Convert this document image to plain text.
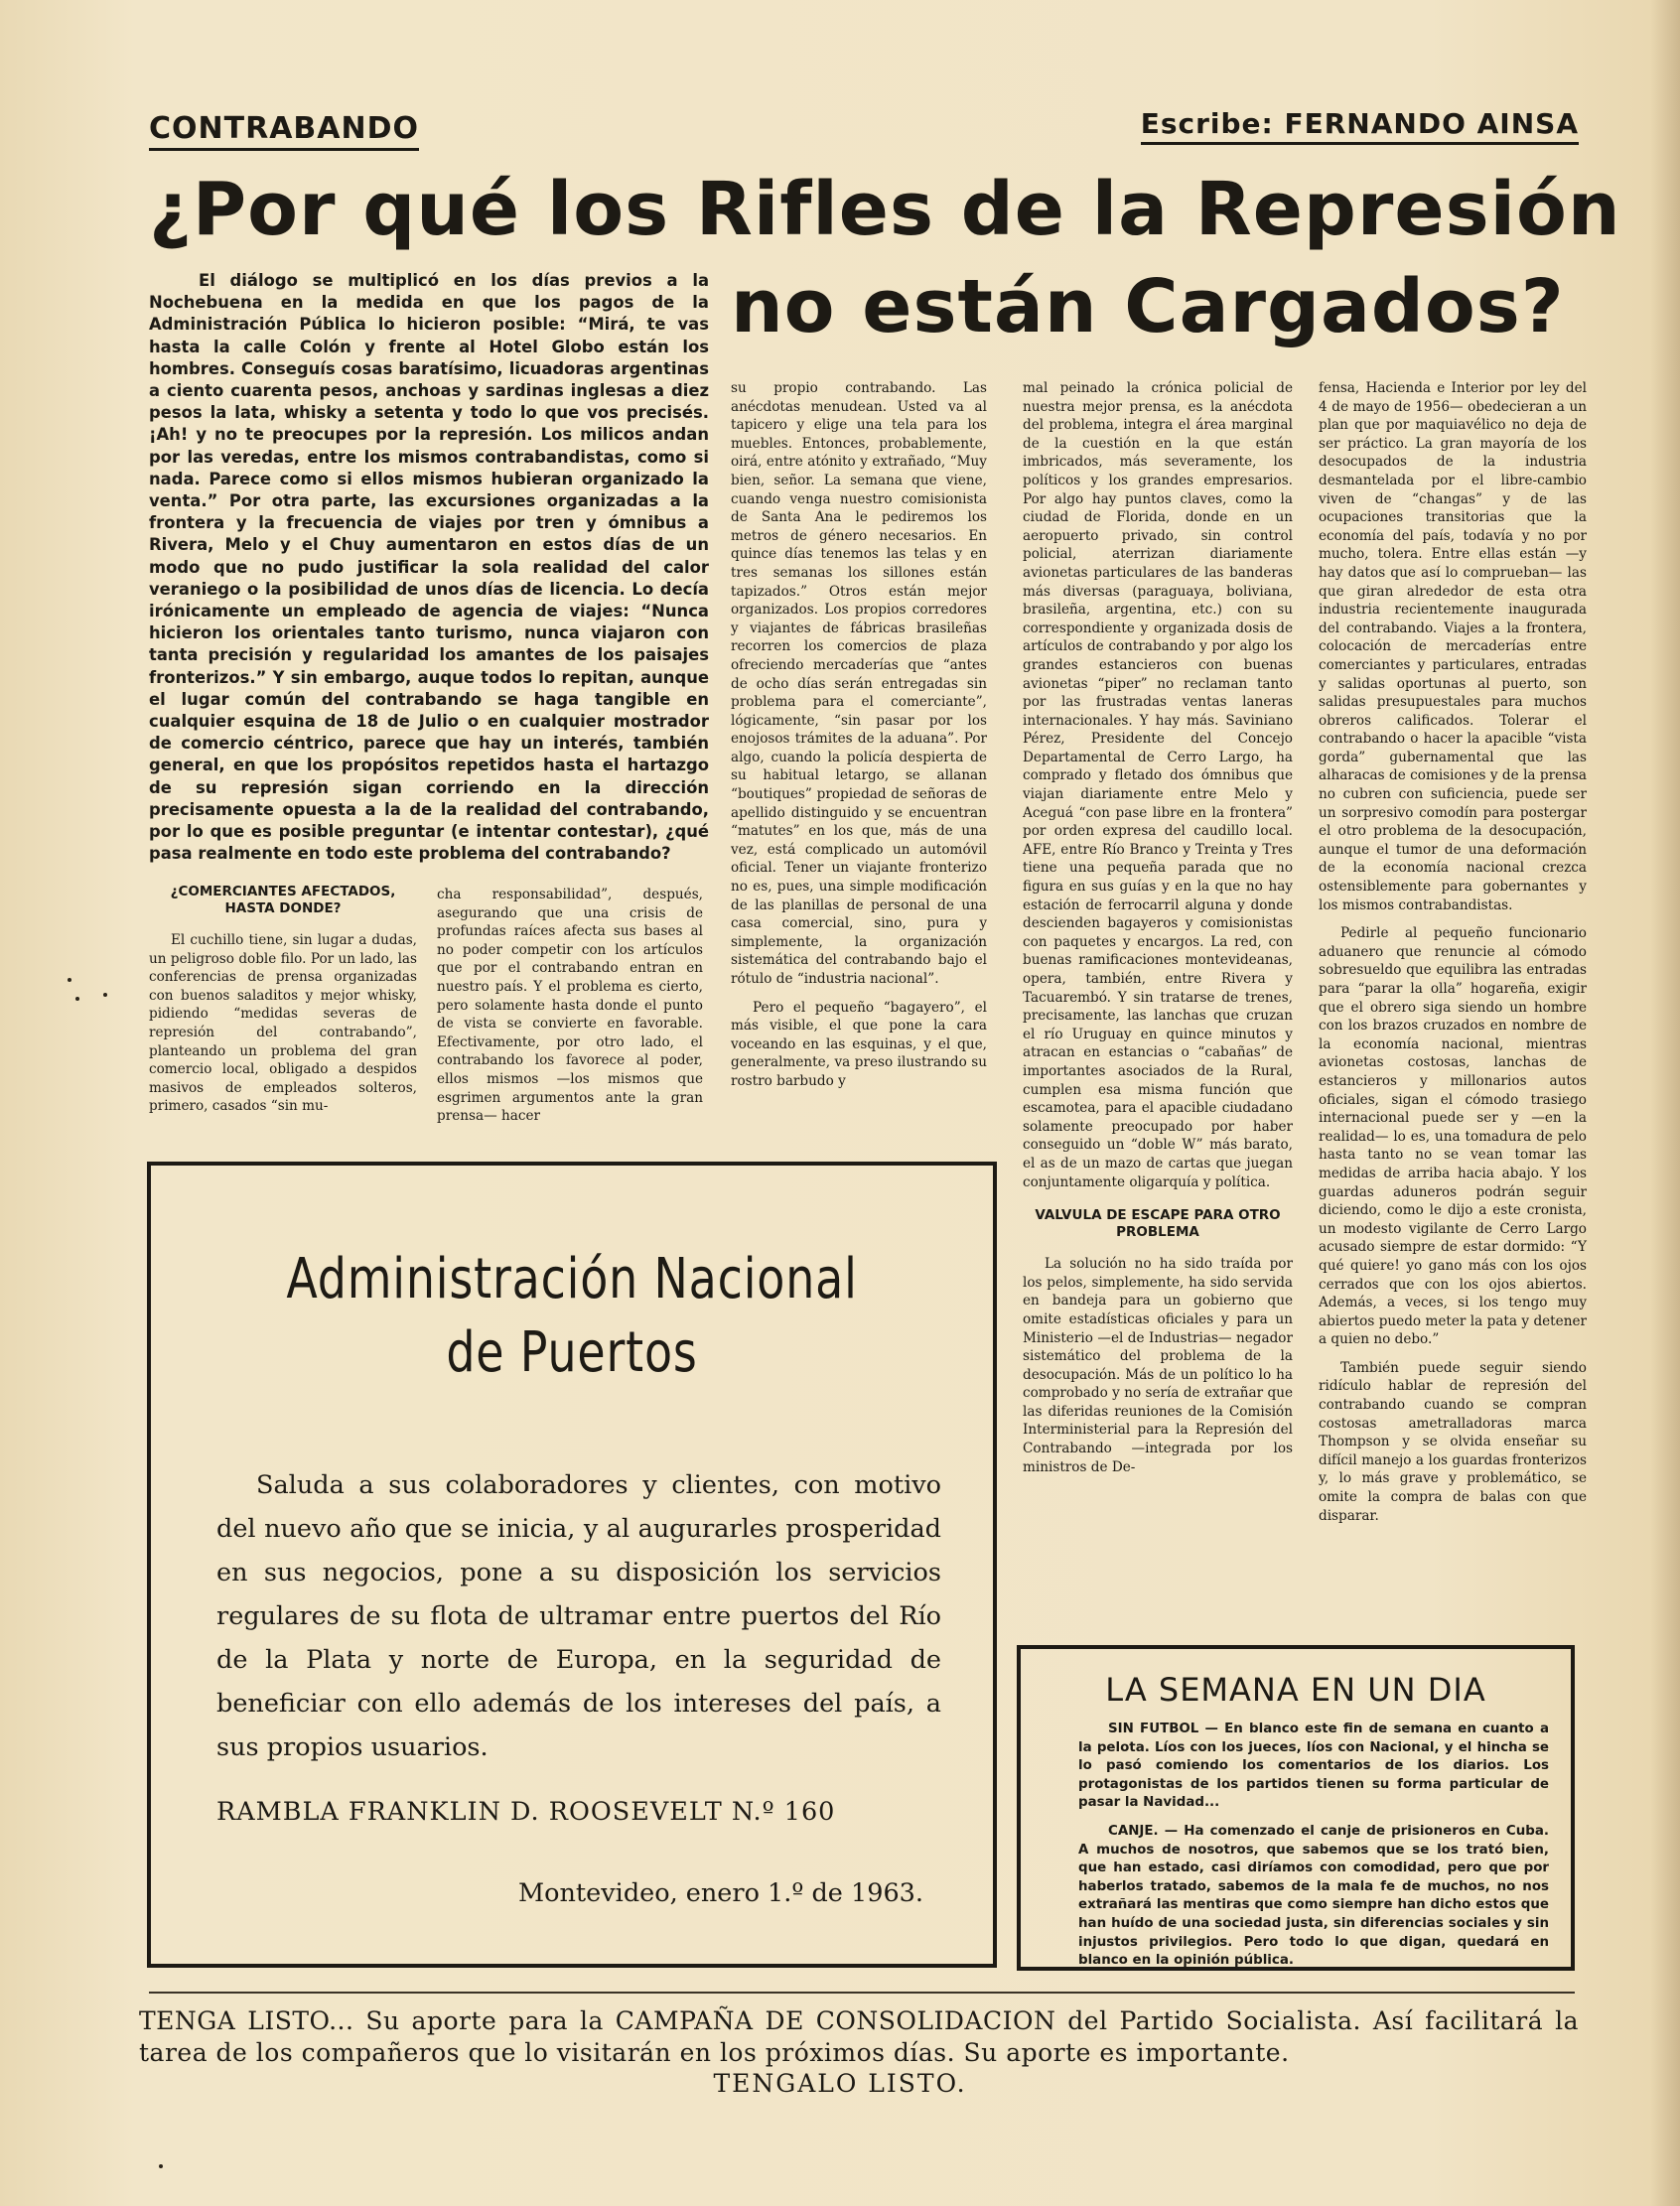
CONTRABANDO	Escribe: FERNANDO AINSA
¿Por qué los Rifles de la Represión
no están Cargados?
El diálogo se multiplicó en los días previos a la Nochebuena en la medida en que los pagos de la Administración Pública lo hicieron posible: “Mirá, te vas hasta la calle Colón y frente al Hotel Globo están los hombres. Conseguís cosas baratísimo, licuadoras argentinas a ciento cuarenta pesos, anchoas y sardinas inglesas a diez pesos la lata, whisky a setenta y todo lo que vos precisés. ¡Ah! y no te preocupes por la represión. Los milicos andan por las veredas, entre los mismos contrabandistas, como si nada. Parece como si ellos mismos hubieran organizado la venta.” Por otra parte, las excursiones organizadas a la frontera y la frecuencia de viajes por tren y ómnibus a Rivera, Melo y el Chuy aumentaron en estos días de un modo que no pudo justificar la sola realidad del calor veraniego o la posibilidad de unos días de licencia. Lo decía irónicamente un empleado de agencia de viajes: “Nunca hicieron los orientales tanto turismo, nunca viajaron con tanta precisión y regularidad los amantes de los paisajes fronterizos.” Y sin embargo, auque todos lo repitan, aunque el lugar común del contrabando se haga tangible en cualquier esquina de 18 de Julio o en cualquier mostrador de comercio céntrico, parece que hay un interés, también general, en que los propósitos repetidos hasta el hartazgo de su represión sigan corriendo en la dirección precisamente opuesta a la de la realidad del contrabando, por lo que es posible preguntar (e intentar contestar), ¿qué pasa realmente en todo este problema del contrabando?
¿COMERCIANTES AFECTADOS, HASTA DONDE?

El cuchillo tiene, sin lugar a dudas, un peligroso doble filo. Por un lado, las conferencias de prensa organizadas con buenos saladitos y mejor whisky, pidiendo “medidas severas de represión del contrabando”, planteando un problema del gran comercio local, obligado a despidos masivos de empleados solteros, primero, casados “sin mu-

cha responsabilidad”, después, asegurando que una crisis de profundas raíces afecta sus bases al no poder competir con los artículos que por el contrabando entran en nuestro país. Y el problema es cierto, pero solamente hasta donde el punto de vista se convierte en favorable. Efectivamente, por otro lado, el contrabando los favorece al poder, ellos mismos —los mismos que esgrimen argumentos ante la gran prensa— hacer

su propio contrabando. Las anécdotas menudean. Usted va al tapicero y elige una tela para los muebles. Entonces, probablemente, oirá, entre atónito y extrañado, “Muy bien, señor. La semana que viene, cuando venga nuestro comisionista de Santa Ana le pediremos los metros de género necesarios. En quince días tenemos las telas y en tres semanas los sillones están tapizados.” Otros están mejor organizados. Los propios corredores y viajantes de fábricas brasileñas recorren los comercios de plaza ofreciendo mercaderías que “antes de ocho días serán entregadas sin problema para el comerciante”, lógicamente, “sin pasar por los enojosos trámites de la aduana”. Por algo, cuando la policía despierta de su habitual letargo, se allanan “boutiques” propiedad de señoras de apellido distinguido y se encuentran “matutes” en los que, más de una vez, está complicado un automóvil oficial. Tener un viajante fronterizo no es, pues, una simple modificación de las planillas de personal de una casa comercial, sino, pura y simplemente, la organización sistemática del contrabando bajo el rótulo de “industria nacional”.

Pero el pequeño “bagayero”, el más visible, el que pone la cara voceando en las esquinas, y el que, generalmente, va preso ilustrando su rostro barbudo y

mal peinado la crónica policial de nuestra mejor prensa, es la anécdota del problema, integra el área marginal de la cuestión en la que están imbricados, más severamente, los políticos y los grandes empresarios. Por algo hay puntos claves, como la ciudad de Florida, donde en un aeropuerto privado, sin control policial, aterrizan diariamente avionetas particulares de las banderas más diversas (paraguaya, boliviana, brasileña, argentina, etc.) con su correspondiente y organizada dosis de artículos de contrabando y por algo los grandes estancieros con buenas avionetas “piper” no reclaman tanto por las frustradas ventas laneras internacionales. Y hay más. Saviniano Pérez, Presidente del Concejo Departamental de Cerro Largo, ha comprado y fletado dos ómnibus que viajan diariamente entre Melo y Aceguá “con pase libre en la frontera” por orden expresa del caudillo local. AFE, entre Río Branco y Treinta y Tres tiene una pequeña parada que no figura en sus guías y en la que no hay estación de ferrocarril alguna y donde descienden bagayeros y comisionistas con paquetes y encargos. La red, con buenas ramificaciones montevideanas, opera, también, entre Rivera y Tacuarembó. Y sin tratarse de trenes, precisamente, las lanchas que cruzan el río Uruguay en quince minutos y atracan en estancias o “cabañas” de importantes asociados de la Rural, cumplen esa misma función que escamotea, para el apacible ciudadano solamente preocupado por haber conseguido un “doble W” más barato, el as de un mazo de cartas que juegan conjuntamente oligarquía y política.

VALVULA DE ESCAPE PARA OTRO PROBLEMA

La solución no ha sido traída por los pelos, simplemente, ha sido servida en bandeja para un gobierno que omite estadísticas oficiales y para un Ministerio —el de Industrias— negador sistemático del problema de la desocupación. Más de un político lo ha comprobado y no sería de extrañar que las diferidas reuniones de la Comisión Interministerial para la Represión del Contrabando —integrada por los ministros de De-

fensa, Hacienda e Interior por ley del 4 de mayo de 1956— obedecieran a un plan que por maquiavélico no deja de ser práctico. La gran mayoría de los desocupados de la industria desmantelada por el libre-cambio viven de “changas” y de las ocupaciones transitorias que la economía del país, todavía y no por mucho, tolera. Entre ellas están —y hay datos que así lo comprueban— las que giran alrededor de esta otra industria recientemente inaugurada del contrabando. Viajes a la frontera, colocación de mercaderías entre comerciantes y particulares, entradas y salidas oportunas al puerto, son salidas presupuestales para muchos obreros calificados. Tolerar el contrabando o hacer la apacible “vista gorda” gubernamental que las alharacas de comisiones y de la prensa no cubren con suficiencia, puede ser un sorpresivo comodín para postergar el otro problema de la desocupación, aunque el tumor de una deformación de la economía nacional crezca ostensiblemente para gobernantes y los mismos contrabandistas.

Pedirle al pequeño funcionario aduanero que renuncie al cómodo sobresueldo que equilibra las entradas para “parar la olla” hogareña, exigir que el obrero siga siendo un hombre con los brazos cruzados en nombre de la economía nacional, mientras avionetas costosas, lanchas de estancieros y millonarios autos oficiales, sigan el cómodo trasiego internacional puede ser y —en la realidad— lo es, una tomadura de pelo hasta tanto no se vean tomar las medidas de arriba hacia abajo. Y los guardas aduneros podrán seguir diciendo, como le dijo a este cronista, un modesto vigilante de Cerro Largo acusado siempre de estar dormido: “Y qué quiere! yo gano más con los ojos cerrados que con los ojos abiertos. Además, a veces, si los tengo muy abiertos puedo meter la pata y detener a quien no debo.”

También puede seguir siendo ridículo hablar de represión del contrabando cuando se compran costosas ametralladoras marca Thompson y se olvida enseñar su difícil manejo a los guardas fronterizos y, lo más grave y problemático, se omite la compra de balas con que disparar.

Administración Nacional
de Puertos
Saluda a sus colaboradores y clientes, con motivo del nuevo año que se inicia, y al augurarles prosperidad en sus negocios, pone a su disposición los servicios regulares de su flota de ultramar entre puertos del Río de la Plata y norte de Europa, en la seguridad de beneficiar con ello además de los intereses del país, a sus propios usuarios.
RAMBLA FRANKLIN D. ROOSEVELT N.º 160
Montevideo, enero 1.º de 1963.
LA SEMANA EN UN DIA

SIN FUTBOL — En blanco este fin de semana en cuanto a la pelota. Líos con los jueces, líos con Nacional, y el hincha se lo pasó comiendo los comentarios de los diarios. Los protagonistas de los partidos tienen su forma particular de pasar la Navidad...

CANJE. — Ha comenzado el canje de prisioneros en Cuba. A muchos de nosotros, que sabemos que se los trató bien, que han estado, casi diríamos con comodidad, pero que por haberlos tratado, sabemos de la mala fe de muchos, no nos extrañará las mentiras que como siempre han dicho estos que han huído de una sociedad justa, sin diferencias sociales y sin injustos privilegios. Pero todo lo que digan, quedará en blanco en la opinión pública.

TENGA LISTO... Su aporte para la CAMPAÑA DE CONSOLIDACION del Partido Socialista. Así facilitará la tarea de los compañeros que lo visitarán en los próximos días. Su aporte es importante.
TENGALO LISTO.
